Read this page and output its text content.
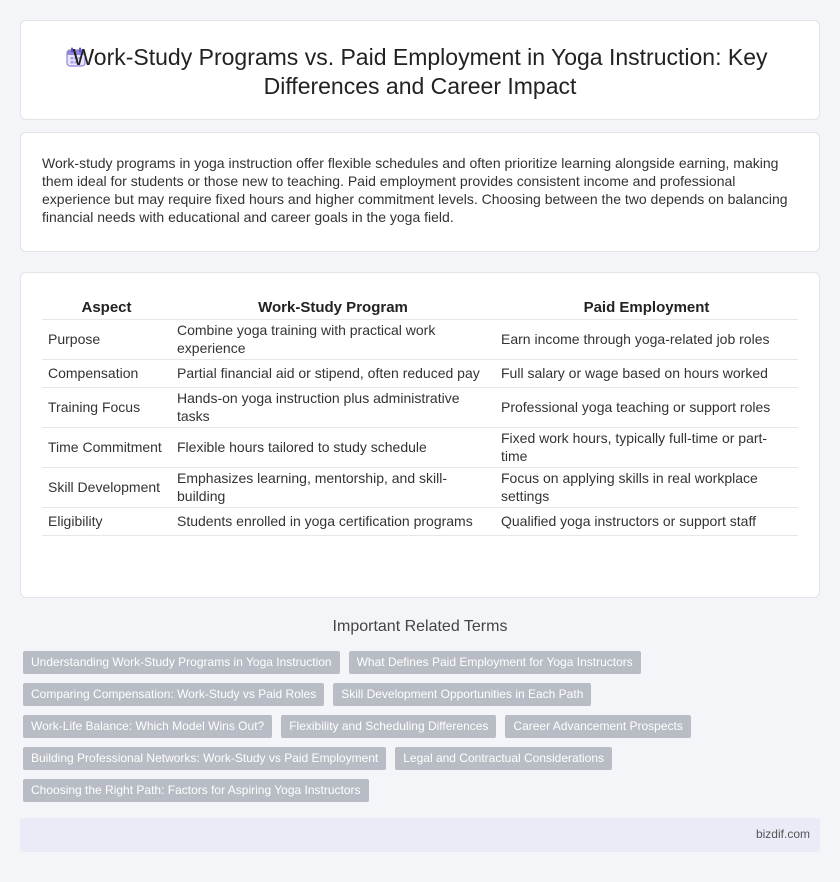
Work-Study Programs vs. Paid Employment in Yoga Instruction: Key Differences and Career Impact

Work-study programs in yoga instruction offer flexible schedules and often prioritize learning alongside earning, making them ideal for students or those new to teaching. Paid employment provides consistent income and professional experience but may require fixed hours and higher commitment levels. Choosing between the two depends on balancing financial needs with educational and career goals in the yoga field.

Aspect	Work-Study Program	Paid Employment
Purpose	Combine yoga training with practical work experience	Earn income through yoga-related job roles
Compensation	Partial financial aid or stipend, often reduced pay	Full salary or wage based on hours worked
Training Focus	Hands-on yoga instruction plus administrative tasks	Professional yoga teaching or support roles
Time Commitment	Flexible hours tailored to study schedule	Fixed work hours, typically full-time or part-time
Skill Development	Emphasizes learning, mentorship, and skill-building	Focus on applying skills in real workplace settings
Eligibility	Students enrolled in yoga certification programs	Qualified yoga instructors or support staff
Important Related Terms
Understanding Work-Study Programs in Yoga Instruction	What Defines Paid Employment for Yoga Instructors
Comparing Compensation: Work-Study vs Paid Roles	Skill Development Opportunities in Each Path
Work-Life Balance: Which Model Wins Out?	Flexibility and Scheduling Differences	Career Advancement Prospects
Building Professional Networks: Work-Study vs Paid Employment	Legal and Contractual Considerations
Choosing the Right Path: Factors for Aspiring Yoga Instructors
bizdif.com
